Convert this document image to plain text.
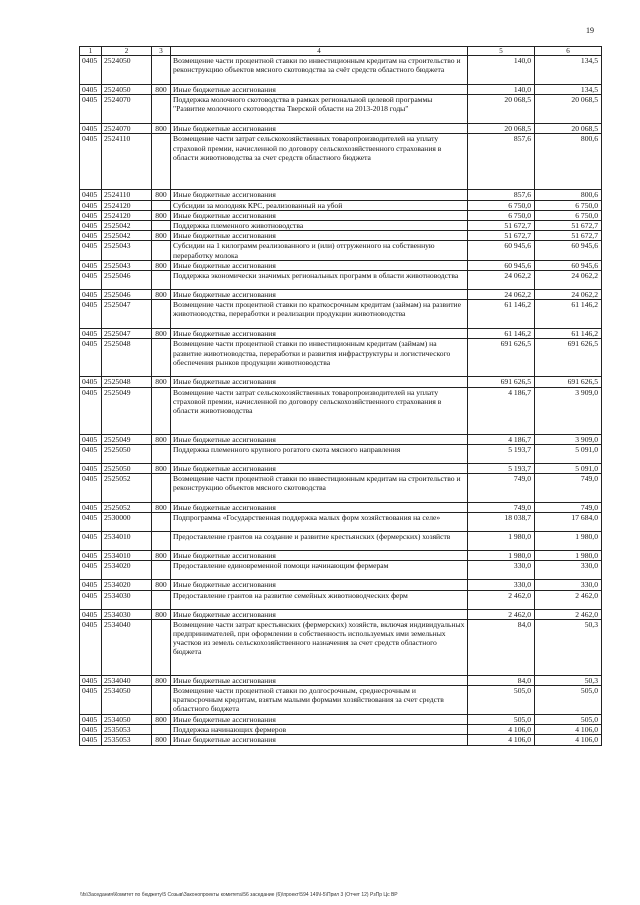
19
1	2	3	4	5	6
0405	2524050		Возмещение части процентной ставки по инвестиционным кредитам на строительство и реконструкцию объектов мясного скотоводства за счёт средств областного бюджета	140,0	134,5
0405	2524050	800	Иные бюджетные ассигнования	140,0	134,5
0405	2524070		Поддержка молочного скотоводства в рамках региональной целевой программы "Развитие молочного скотоводства Тверской области на 2013-2018 годы"	20 068,5	20 068,5
0405	2524070	800	Иные бюджетные ассигнования	20 068,5	20 068,5
0405	2524110		Возмещение части затрат сельскохозяйственных товаропроизводителей на уплату страховой премии, начисленной по договору сельскохозяйственного страхования в области животноводства за счет средств областного бюджета	857,6	800,6
0405	2524110	800	Иные бюджетные ассигнования	857,6	800,6
0405	2524120		Субсидии за молодняк КРС, реализованный на убой	6 750,0	6 750,0
0405	2524120	800	Иные бюджетные ассигнования	6 750,0	6 750,0
0405	2525042		Поддержка племенного животноводства	51 672,7	51 672,7
0405	2525042	800	Иные бюджетные ассигнования	51 672,7	51 672,7
0405	2525043		Субсидии на 1 килограмм реализованного и (или) отгруженного на собственную переработку молока	60 945,6	60 945,6
0405	2525043	800	Иные бюджетные ассигнования	60 945,6	60 945,6
0405	2525046		Поддержка экономически значимых региональных программ в области животноводства	24 062,2	24 062,2
0405	2525046	800	Иные бюджетные ассигнования	24 062,2	24 062,2
0405	2525047		Возмещение части процентной ставки по краткосрочным кредитам (займам) на развитие животноводства, переработки и реализации продукции животноводства	61 146,2	61 146,2
0405	2525047	800	Иные бюджетные ассигнования	61 146,2	61 146,2
0405	2525048		Возмещение части процентной ставки по инвестиционным кредитам (займам) на развитие животноводства, переработки и развития инфраструктуры и логистического обеспечения рынков продукции животноводства	691 626,5	691 626,5
0405	2525048	800	Иные бюджетные ассигнования	691 626,5	691 626,5
0405	2525049		Возмещение части затрат сельскохозяйственных товаропроизводителей на уплату страховой премии, начисленной по договору сельскохозяйственного страхования в области животноводства	4 186,7	3 909,0
0405	2525049	800	Иные бюджетные ассигнования	4 186,7	3 909,0
0405	2525050		Поддержка племенного крупного рогатого скота мясного направления	5 193,7	5 091,0
0405	2525050	800	Иные бюджетные ассигнования	5 193,7	5 091,0
0405	2525052		Возмещение части процентной ставки по инвестиционным кредитам на строительство и реконструкцию объектов мясного скотоводства	749,0	749,0
0405	2525052	800	Иные бюджетные ассигнования	749,0	749,0
0405	2530000		Подпрограмма «Государственная поддержка малых форм хозяйствования на селе»	18 038,7	17 684,0
0405	2534010		Предоставление грантов на создание и развитие крестьянских (фермерских) хозяйств	1 980,0	1 980,0
0405	2534010	800	Иные бюджетные ассигнования	1 980,0	1 980,0
0405	2534020		Предоставление единовременной помощи начинающим фермерам	330,0	330,0
0405	2534020	800	Иные бюджетные ассигнования	330,0	330,0
0405	2534030		Предоставление грантов на развитие семейных животноводческих ферм	2 462,0	2 462,0
0405	2534030	800	Иные бюджетные ассигнования	2 462,0	2 462,0
0405	2534040		Возмещение части затрат крестьянских (фермерских) хозяйств, включая индивидуальных предпринимателей, при оформлении в собственность используемых ими земельных участков из земель сельскохозяйственного назначения за счет средств областного бюджета	84,0	50,3
0405	2534040	800	Иные бюджетные ассигнования	84,0	50,3
0405	2534050		Возмещение части процентной ставки по долгосрочным, среднесрочным и краткосрочным кредитам, взятым малыми формами хозяйствования за счет средств областного бюджета	505,0	505,0
0405	2534050	800	Иные бюджетные ассигнования	505,0	505,0
0405	2535053		Поддержка начинающих фермеров	4 106,0	4 106,0
0405	2535053	800	Иные бюджетные ассигнования	4 106,0	4 106,0
\\fs\Заседания\Комитет по бюджету\5 Созыв\Законопроекты комитета\56 заседание (6)\проект\594 149\I-5\Прил 3 (Отчет 12) РзПр Цс ВР
